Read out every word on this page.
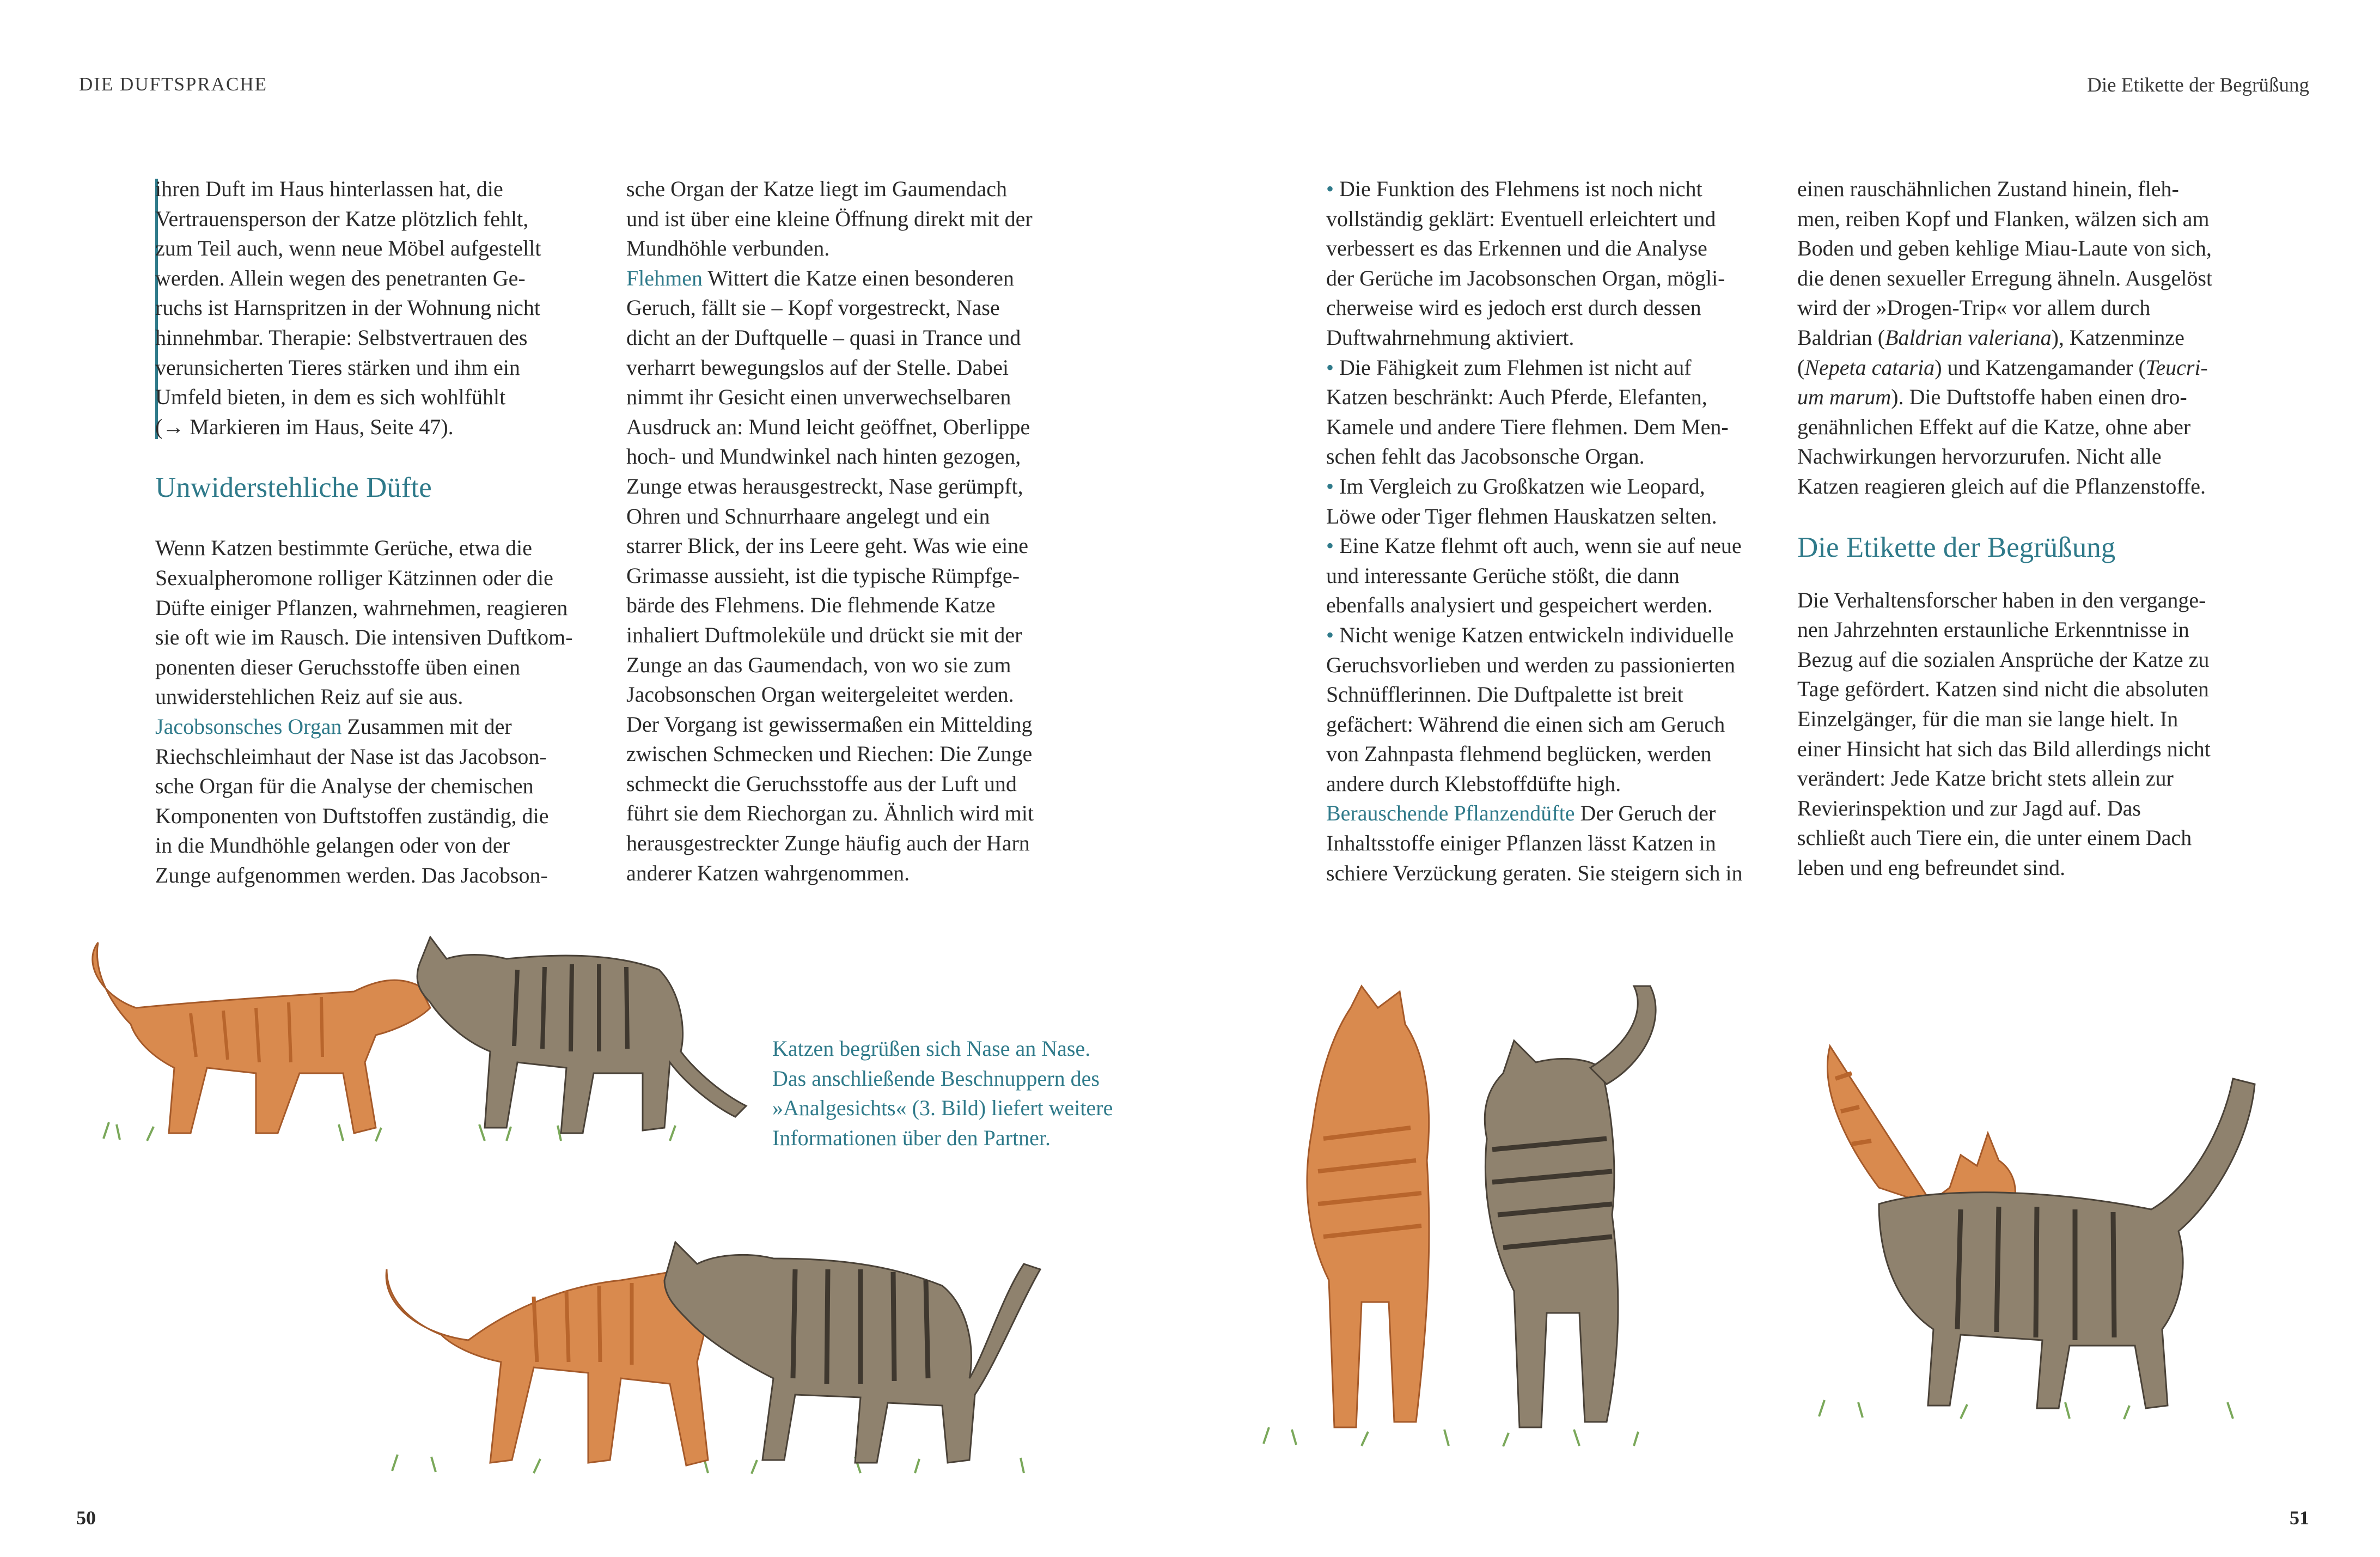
DIE DUFTSPRACHE	Die Etikette der Begrüßung
ihren Duft im Haus hinterlassen hat, die
Vertrauensperson der Katze plötzlich fehlt,
zum Teil auch, wenn neue Möbel aufgestellt
werden. Allein wegen des penetranten Ge-
ruchs ist Harnspritzen in der Wohnung nicht
hinnehmbar. Therapie: Selbstvertrauen des
verunsicherten Tieres stärken und ihm ein
Umfeld bieten, in dem es sich wohlfühlt
(→ Markieren im Haus, Seite 47).
Unwiderstehliche Düfte
Wenn Katzen bestimmte Gerüche, etwa die
Sexualpheromone rolliger Kätzinnen oder die
Düfte einiger Pflanzen, wahrnehmen, reagieren
sie oft wie im Rausch. Die intensiven Duftkom-
ponenten dieser Geruchsstoffe üben einen
unwiderstehlichen Reiz auf sie aus.
Jacobsonsches Organ Zusammen mit der
Riechschleimhaut der Nase ist das Jacobson-
sche Organ für die Analyse der chemischen
Komponenten von Duftstoffen zuständig, die
in die Mundhöhle gelangen oder von der
Zunge aufgenommen werden. Das Jacobson-
sche Organ der Katze liegt im Gaumendach
und ist über eine kleine Öffnung direkt mit der
Mundhöhle verbunden.
Flehmen Wittert die Katze einen besonderen
Geruch, fällt sie – Kopf vorgestreckt, Nase
dicht an der Duftquelle – quasi in Trance und
verharrt bewegungslos auf der Stelle. Dabei
nimmt ihr Gesicht einen unverwechselbaren
Ausdruck an: Mund leicht geöffnet, Oberlippe
hoch- und Mundwinkel nach hinten gezogen,
Zunge etwas herausgestreckt, Nase gerümpft,
Ohren und Schnurrhaare angelegt und ein
starrer Blick, der ins Leere geht. Was wie eine
Grimasse aussieht, ist die typische Rümpfge-
bärde des Flehmens. Die flehmende Katze
inhaliert Duftmoleküle und drückt sie mit der
Zunge an das Gaumendach, von wo sie zum
Jacobsonschen Organ weitergeleitet werden.
Der Vorgang ist gewissermaßen ein Mittelding
zwischen Schmecken und Riechen: Die Zunge
schmeckt die Geruchsstoffe aus der Luft und
führt sie dem Riechorgan zu. Ähnlich wird mit
herausgestreckter Zunge häufig auch der Harn
anderer Katzen wahrgenommen.
• Die Funktion des Flehmens ist noch nicht
vollständig geklärt: Eventuell erleichtert und
verbessert es das Erkennen und die Analyse
der Gerüche im Jacobsonschen Organ, mögli-
cherweise wird es jedoch erst durch dessen
Duftwahrnehmung aktiviert.
• Die Fähigkeit zum Flehmen ist nicht auf
Katzen beschränkt: Auch Pferde, Elefanten,
Kamele und andere Tiere flehmen. Dem Men-
schen fehlt das Jacobsonsche Organ.
• Im Vergleich zu Großkatzen wie Leopard,
Löwe oder Tiger flehmen Hauskatzen selten.
• Eine Katze flehmt oft auch, wenn sie auf neue
und interessante Gerüche stößt, die dann
ebenfalls analysiert und gespeichert werden.
• Nicht wenige Katzen entwickeln individuelle
Geruchsvorlieben und werden zu passionierten
Schnüfflerinnen. Die Duftpalette ist breit
gefächert: Während die einen sich am Geruch
von Zahnpasta flehmend beglücken, werden
andere durch Klebstoffdüfte high.
Berauschende Pflanzendüfte Der Geruch der
Inhaltsstoffe einiger Pflanzen lässt Katzen in
schiere Verzückung geraten. Sie steigern sich in
einen rauschähnlichen Zustand hinein, fleh-
men, reiben Kopf und Flanken, wälzen sich am
Boden und geben kehlige Miau-Laute von sich,
die denen sexueller Erregung ähneln. Ausgelöst
wird der »Drogen-Trip« vor allem durch
Baldrian (Baldrian valeriana), Katzenminze
(Nepeta cataria) und Katzengamander (Teucri-
um marum). Die Duftstoffe haben einen dro-
genähnlichen Effekt auf die Katze, ohne aber
Nachwirkungen hervorzurufen. Nicht alle
Katzen reagieren gleich auf die Pflanzenstoffe.
Die Etikette der Begrüßung
Die Verhaltensforscher haben in den vergange-
nen Jahrzehnten erstaunliche Erkenntnisse in
Bezug auf die sozialen Ansprüche der Katze zu
Tage gefördert. Katzen sind nicht die absoluten
Einzelgänger, für die man sie lange hielt. In
einer Hinsicht hat sich das Bild allerdings nicht
verändert: Jede Katze bricht stets allein zur
Revierinspektion und zur Jagd auf. Das
schließt auch Tiere ein, die unter einem Dach
leben und eng befreundet sind.
Katzen begrüßen sich Nase an Nase.
Das anschließende Beschnuppern des
»Analgesichts« (3. Bild) liefert weitere
Informationen über den Partner.
50	51
